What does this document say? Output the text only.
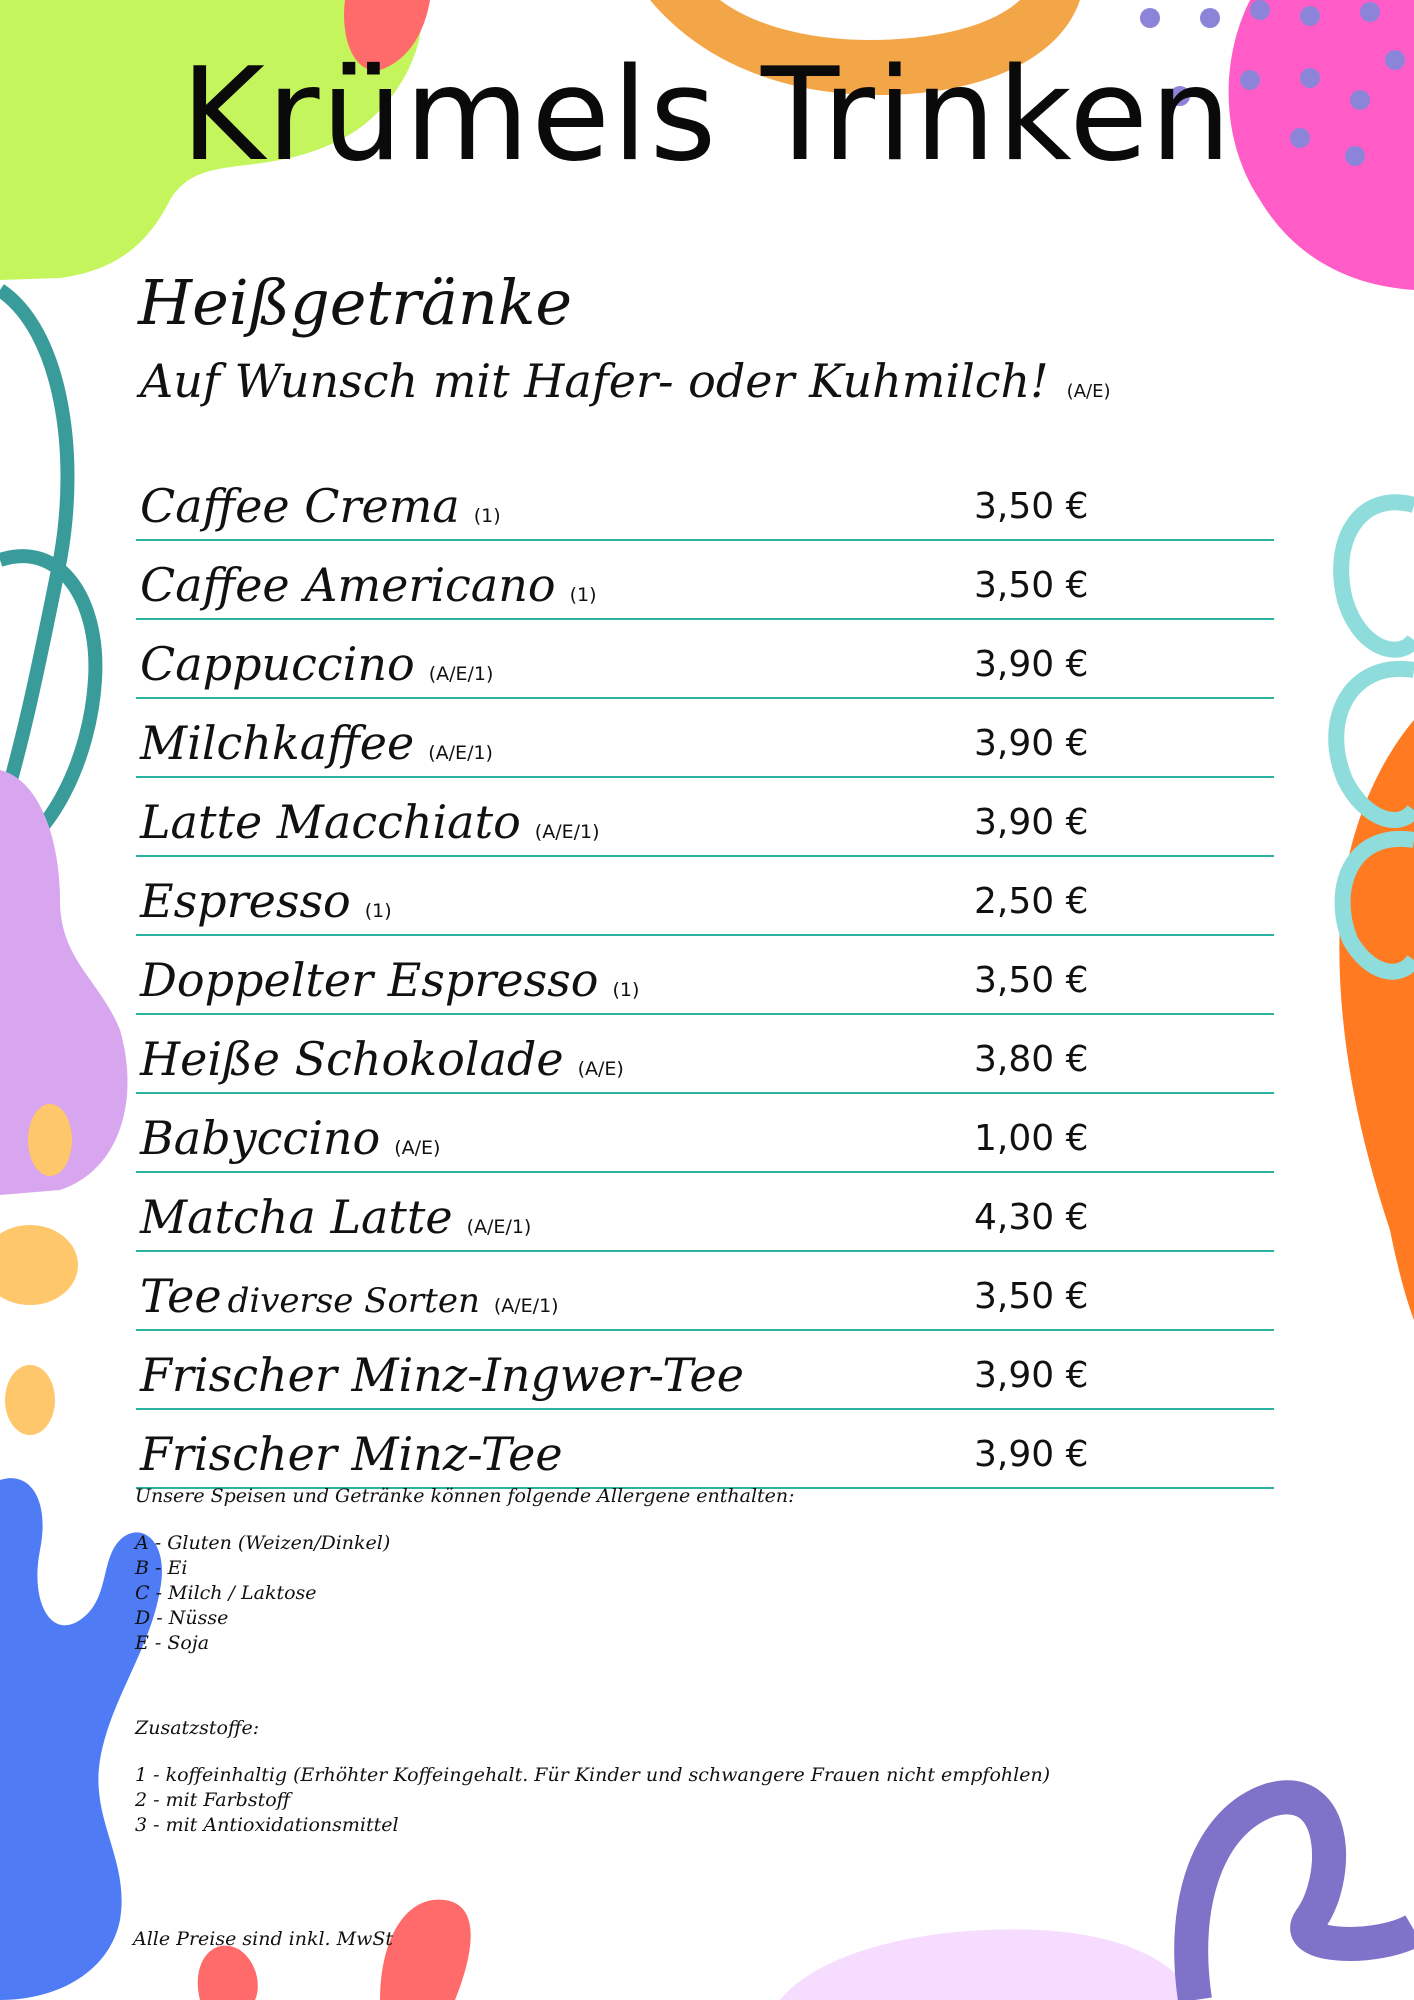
Krümels Trinken
Heißgetränke
Auf Wunsch mit Hafer- oder Kuhmilch! (A/E)
Caffee Crema (1)	3,50 €
Caffee Americano (1)	3,50 €
Cappuccino (A/E/1)	3,90 €
Milchkaffee (A/E/1)	3,90 €
Latte Macchiato (A/E/1)	3,90 €
Espresso (1)	2,50 €
Doppelter Espresso (1)	3,50 €
Heiße Schokolade (A/E)	3,80 €
Babyccino (A/E)	1,00 €
Matcha Latte (A/E/1)	4,30 €
Tee diverse Sorten (A/E/1)	3,50 €
Frischer Minz-Ingwer-Tee	3,90 €
Frischer Minz-Tee	3,90 €
Unsere Speisen und Getränke können folgende Allergene enthalten:
A - Gluten (Weizen/Dinkel)
B - Ei
C - Milch / Laktose
D - Nüsse
E - Soja
Zusatzstoffe:
1 - koffeinhaltig (Erhöhter Koffeingehalt. Für Kinder und schwangere Frauen nicht empfohlen)
2 - mit Farbstoff
3 - mit Antioxidationsmittel
Alle Preise sind inkl. MwSt
